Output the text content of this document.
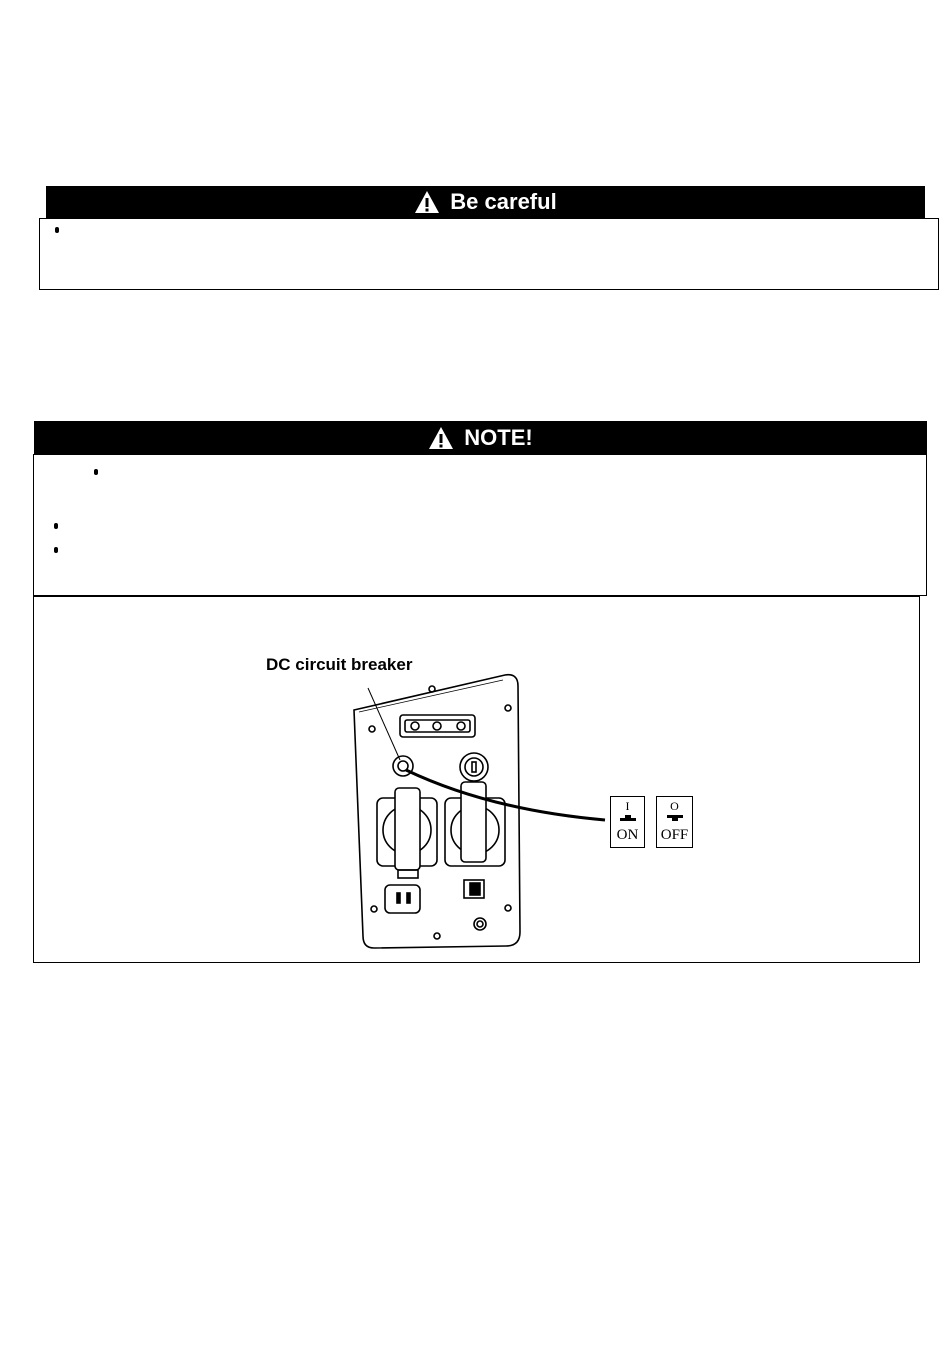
Be careful
NOTE!
DC circuit breaker
I
ON
O
OFF
